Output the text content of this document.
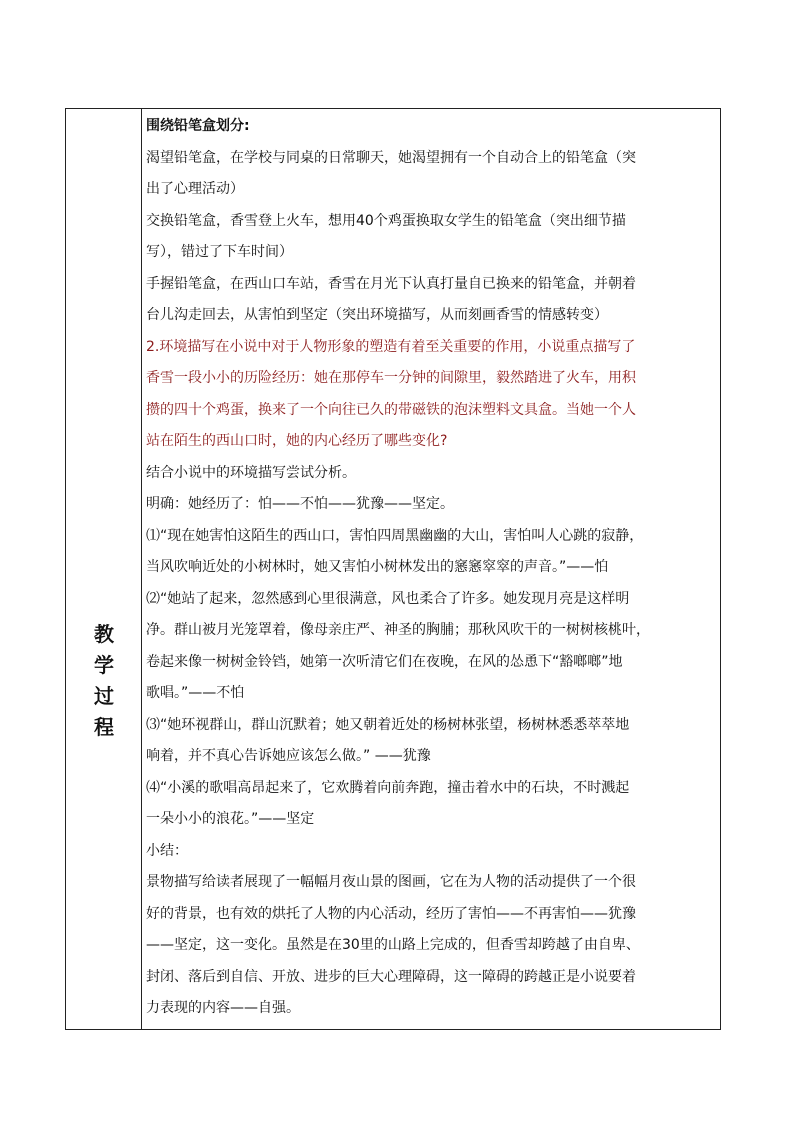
教
学
过
程

围绕铅笔盒划分:

渴望铅笔盒，在学校与同桌的日常聊天，她渴望拥有一个自动合上的铅笔盒（突

出了心理活动）

交换铅笔盒，香雪登上火车，想用40个鸡蛋换取女学生的铅笔盒（突出细节描

写），错过了下车时间）

手握铅笔盒，在西山口车站，香雪在月光下认真打量自已换来的铅笔盒，并朝着

台儿沟走回去，从害怕到坚定（突出环境描写，从而刻画香雪的情感转变）

2.环境描写在小说中对于人物形象的塑造有着至关重要的作用，小说重点描写了

香雪一段小小的历险经历：她在那停车一分钟的间隙里，毅然踏进了火车，用积

攒的四十个鸡蛋，换来了一个向往已久的带磁铁的泡沫塑料文具盒。当她一个人

站在陌生的西山口时，她的内心经历了哪些变化?

结合小说中的环境描写尝试分析。

明确：她经历了：怕——不怕——犹豫——坚定。

⑴“现在她害怕这陌生的西山口，害怕四周黑幽幽的大山，害怕叫人心跳的寂静，

当风吹响近处的小树林时，她又害怕小树林发出的窸窸窣窣的声音。”——怕

⑵“她站了起来，忽然感到心里很满意，风也柔合了许多。她发现月亮是这样明

净。群山被月光笼罩着，像母亲庄严、神圣的胸脯；那秋风吹干的一树树核桃叶，

卷起来像一树树金铃铛，她第一次听清它们在夜晚，在风的怂恿下“豁啷啷”地

歌唱。”——不怕

⑶“她环视群山，群山沉默着；她又朝着近处的杨树林张望，杨树林悉悉萃萃地

响着，并不真心告诉她应该怎么做。” ——犹豫

⑷“小溪的歌唱高昂起来了，它欢腾着向前奔跑，撞击着水中的石块，不时溅起

一朵小小的浪花。”——坚定

小结：

景物描写给读者展现了一幅幅月夜山景的图画，它在为人物的活动提供了一个很

好的背景，也有效的烘托了人物的内心活动，经历了害怕——不再害怕——犹豫

——坚定，这一变化。虽然是在30里的山路上完成的，但香雪却跨越了由自卑、

封闭、落后到自信、开放、进步的巨大心理障碍，这一障碍的跨越正是小说要着

力表现的内容——自强。
